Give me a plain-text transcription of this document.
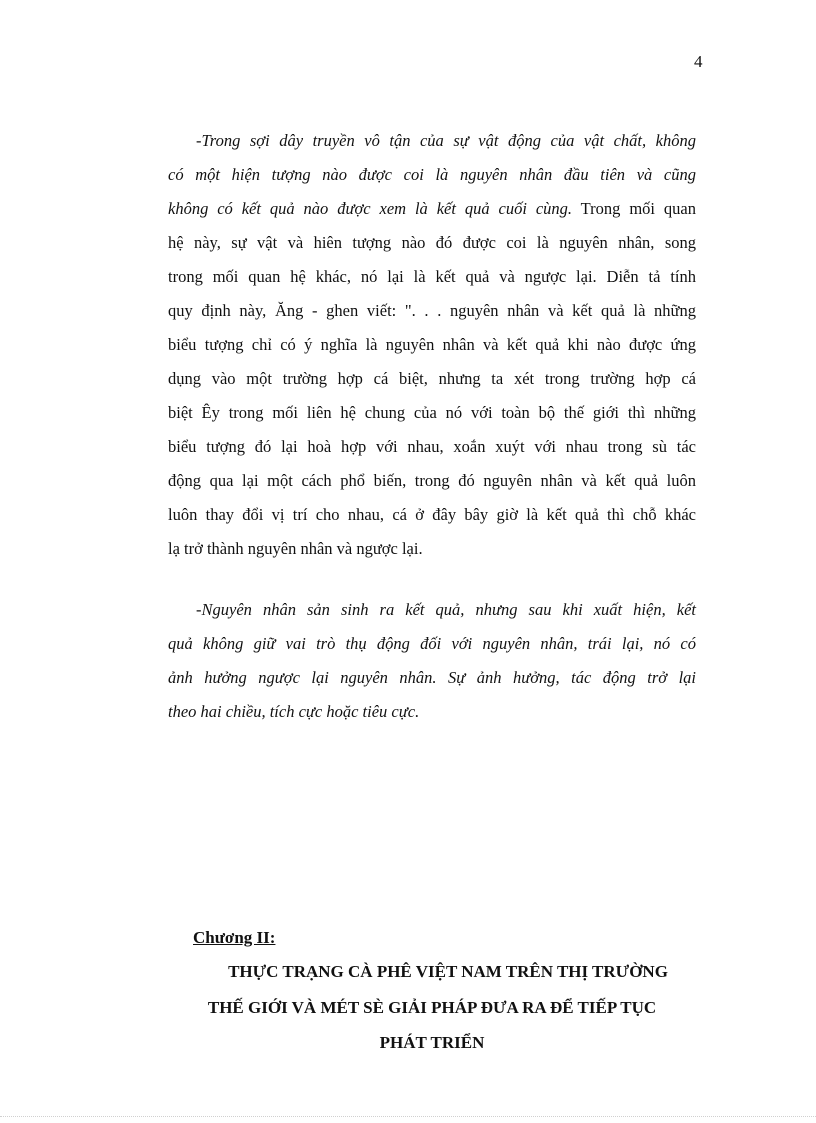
4
-Trong sợi dây truyền vô tận của sự vật động của vật chất, không
có một hiện tượng nào được coi là nguyên nhân đầu tiên và cũng
không có kết quả nào được xem là kết quả cuối cùng. Trong mối quan
hệ này, sự vật và hiên tượng nào đó được coi là nguyên nhân, song
trong mối quan hệ khác, nó lại là kết quả và ngược lại. Diễn tả tính
quy định này, Ăng - ghen viết: ". . . nguyên nhân và kết quả là những
biểu tượng chỉ có ý nghĩa là nguyên nhân và kết quả khi nào được ứng
dụng vào một trường hợp cá biệt, nhưng ta xét trong trường hợp cá
biệt Êy trong mối liên hệ chung của nó với toàn bộ thế giới thì những
biểu tượng đó lại hoà hợp với nhau, xoắn xuýt với nhau trong sù tác
động qua lại một cách phổ biến, trong đó nguyên nhân và kết quả luôn
luôn thay đổi vị trí cho nhau, cá ở đây bây giờ là kết quả thì chỗ khác
lạ trở thành nguyên nhân và ngược lại.
-Nguyên nhân sản sinh ra kết quả, nhưng sau khi xuất hiện, kết
quả không giữ vai trò thụ động đối với nguyên nhân, trái lại, nó có
ảnh hưởng ngược lại nguyên nhân. Sự ảnh hưởng, tác động trở lại
theo hai chiều, tích cực hoặc tiêu cực.
Chương II:
THỰC TRẠNG CÀ PHÊ VIỆT NAM TRÊN THỊ TRƯỜNG
THẾ GIỚI VÀ MÉT SÈ GIẢI PHÁP ĐƯA RA ĐỂ TIẾP TỤC
PHÁT TRIỂN
